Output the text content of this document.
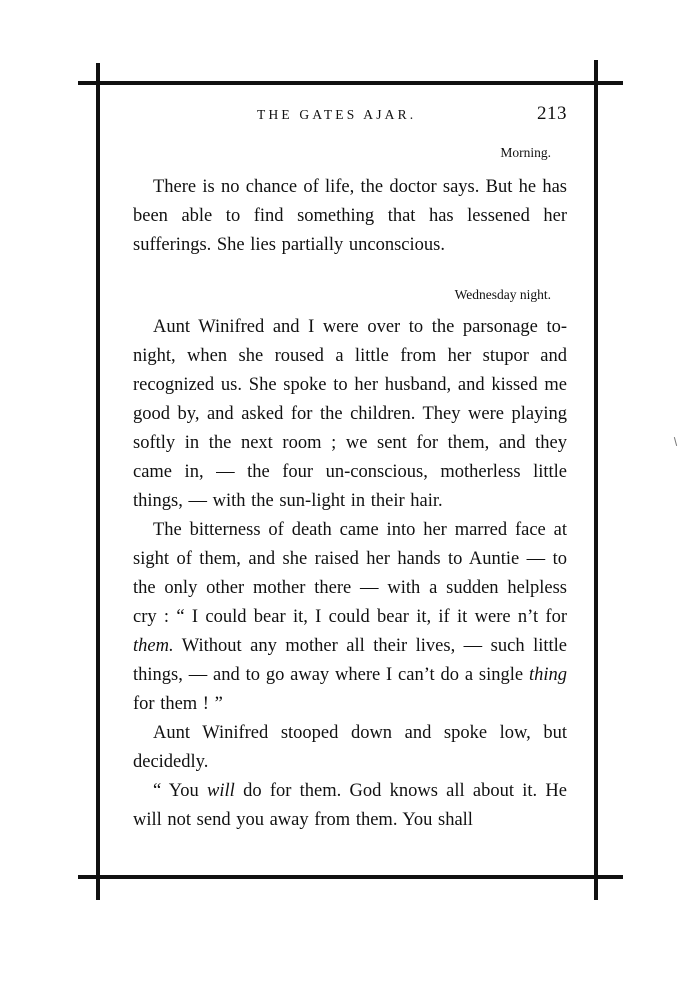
THE GATES AJAR.	213
Morning.

There is no chance of life, the doctor says. But he has been able to find something that has lessened her sufferings. She lies partially unconscious.

Wednesday night.

Aunt Winifred and I were over to the parsonage to-night, when she roused a little from her stupor and recognized us. She spoke to her husband, and kissed me good by, and asked for the children. They were playing softly in the next room ; we sent for them, and they came in, — the four un-conscious, motherless little things, — with the sun-light in their hair.

The bitterness of death came into her marred face at sight of them, and she raised her hands to Auntie — to the only other mother there — with a sudden helpless cry : “ I could bear it, I could bear it, if it were n’t for them. Without any mother all their lives, — such little things, — and to go away where I can’t do a single thing for them ! ”

Aunt Winifred stooped down and spoke low, but decidedly.

“ You will do for them. God knows all about it. He will not send you away from them. You shall
